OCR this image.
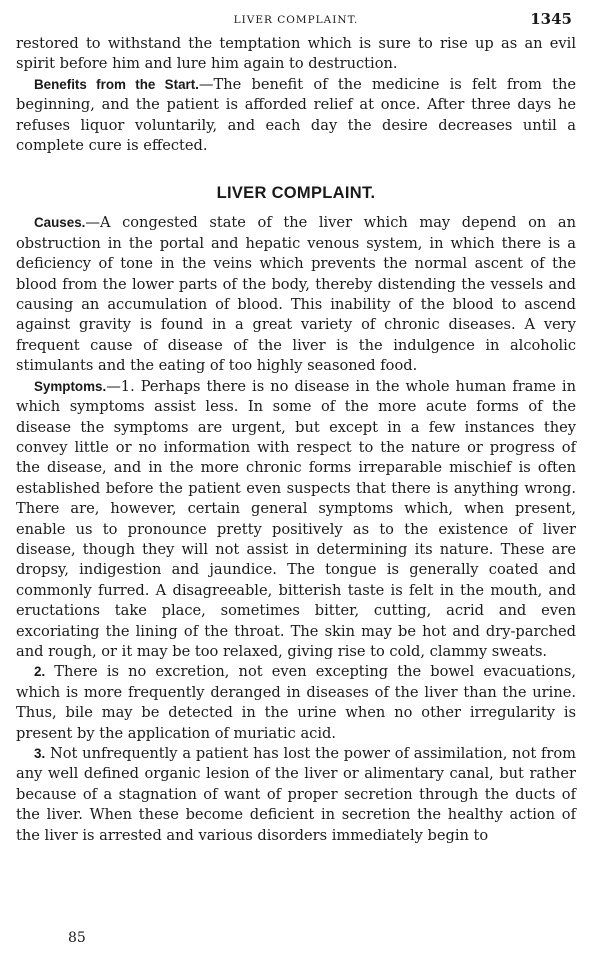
LIVER COMPLAINT.	1345

restored to withstand the temptation which is sure to rise up as an evil spirit before him and lure him again to destruction.

Benefits from the Start.—The benefit of the medicine is felt from the beginning, and the patient is afforded relief at once. After three days he refuses liquor voluntarily, and each day the desire decreases until a complete cure is effected.

LIVER COMPLAINT.

Causes.—A congested state of the liver which may depend on an obstruction in the portal and hepatic venous system, in which there is a deficiency of tone in the veins which prevents the normal ascent of the blood from the lower parts of the body, thereby distending the vessels and causing an accumulation of blood. This inability of the blood to ascend against gravity is found in a great variety of chronic diseases. A very frequent cause of disease of the liver is the indulgence in alcoholic stimulants and the eating of too highly seasoned food.

Symptoms.—1. Perhaps there is no disease in the whole human frame in which symptoms assist less. In some of the more acute forms of the disease the symptoms are urgent, but except in a few instances they convey little or no information with respect to the nature or progress of the disease, and in the more chronic forms irreparable mischief is often established before the patient even suspects that there is anything wrong. There are, however, certain general symptoms which, when present, enable us to pronounce pretty positively as to the existence of liver disease, though they will not assist in determining its nature. These are dropsy, indigestion and jaundice. The tongue is generally coated and commonly furred. A disagreeable, bitterish taste is felt in the mouth, and eructations take place, sometimes bitter, cutting, acrid and even excoriating the lining of the throat. The skin may be hot and dry-parched and rough, or it may be too relaxed, giving rise to cold, clammy sweats.

2. There is no excretion, not even excepting the bowel evacuations, which is more frequently deranged in diseases of the liver than the urine. Thus, bile may be detected in the urine when no other irregularity is present by the application of muriatic acid.

3. Not unfrequently a patient has lost the power of assimilation, not from any well defined organic lesion of the liver or alimentary canal, but rather because of a stagnation of want of proper secretion through the ducts of the liver. When these become deficient in secretion the healthy action of the liver is arrested and various disorders immediately begin to

85
